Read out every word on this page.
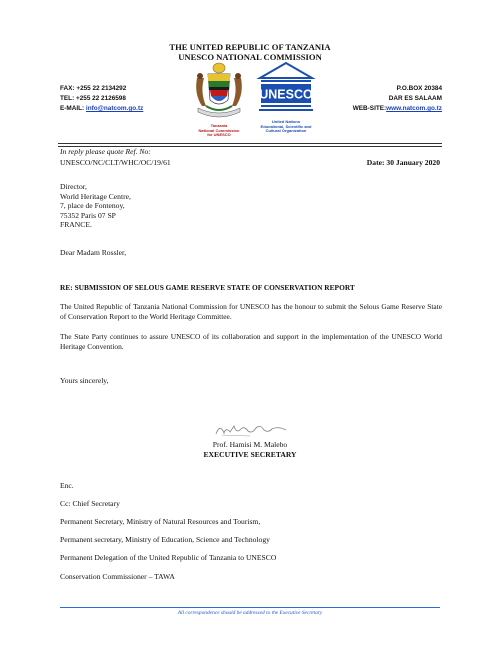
THE UNITED REPUBLIC OF TANZANIA
UNESCO NATIONAL COMMISSION
FAX: +255 22 2134292
TEL: +255 22 2126598
E-MAIL: info@natcom.go.tz
P.O.BOX 20384
DAR ES SALAAM
WEB-SITE:www.natcom.go.tz
Tanzania
National Commission
for UNESCO
UNESCO
United Nations
Educational, Scientific and
Cultural Organization
In reply please quote Ref. No:
UNESCO/NC/CLT/WHC/OC/19/61	Date: 30 January 2020
Director,
World Heritage Centre,
7, place de Fontenoy,
75352 Paris 07 SP
FRANCE.
Dear Madam Rossler,
RE: SUBMISSION OF SELOUS GAME RESERVE STATE OF CONSERVATION REPORT
The United Republic of Tanzania National Commission for UNESCO has the honour to submit the Selous Game Reserve State of Conservation Report to the World Heritage Committee.
The State Party continues to assure UNESCO of its collaboration and support in the implementation of the UNESCO World Heritage Convention.
Yours sincerely,
Prof. Hamisi M. Malebo
EXECUTIVE SECRETARY
Enc.
Cc: Chief Secretary
Permanent Secretary, Ministry of Natural Resources and Tourism,
Permanent secretary, Ministry of Education, Science and Technology
Permanent Delegation of the United Republic of Tanzania to UNESCO
Conservation Commissioner – TAWA
All correspondence should be addressed to the Executive Secretary
